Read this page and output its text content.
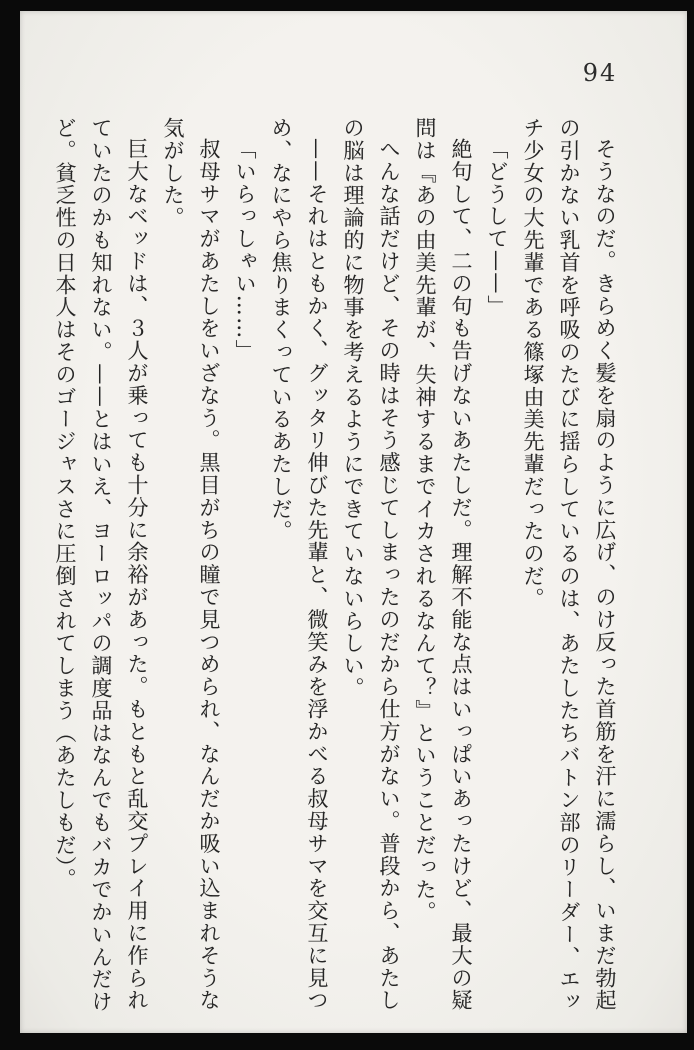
94

そうなのだ。きらめく髪を扇のように広げ、のけ反った首筋を汗に濡らし、いまだ勃起の引かない乳首を呼吸のたびに揺らしているのは、あたしたちバトン部のリーダー、エッチ少女の大先輩である篠塚由美先輩だったのだ。

「どうして——」

絶句して、二の句も告げないあたしだ。理解不能な点はいっぱいあったけど、最大の疑問は『あの由美先輩が、失神するまでイカされるなんて？』ということだった。

へんな話だけど、その時はそう感じてしまったのだから仕方がない。普段から、あたしの脳は理論的に物事を考えるようにできていないらしい。

——それはともかく、グッタリ伸びた先輩と、微笑みを浮かべる叔母サマを交互に見つめ、なにやら焦りまくっているあたしだ。

「いらっしゃい……」

叔母サマがあたしをいざなう。黒目がちの瞳で見つめられ、なんだか吸い込まれそうな気がした。

巨大なベッドは、３人が乗っても十分に余裕があった。もともと乱交プレイ用に作られていたのかも知れない。——とはいえ、ヨーロッパの調度品はなんでもバカでかいんだけど。貧乏性の日本人はそのゴージャスさに圧倒されてしまう（あたしもだ）。
